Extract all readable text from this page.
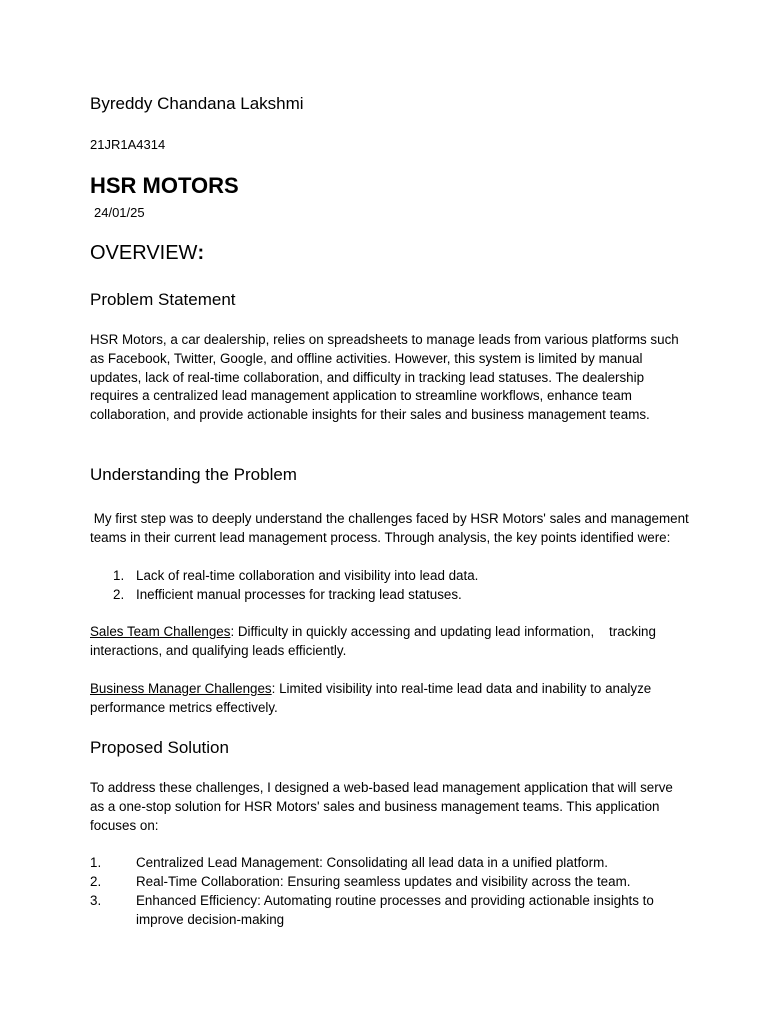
Byreddy Chandana Lakshmi
21JR1A4314
HSR MOTORS
24/01/25
OVERVIEW:
Problem Statement
HSR Motors, a car dealership, relies on spreadsheets to manage leads from various platforms such as Facebook, Twitter, Google, and offline activities. However, this system is limited by manual updates, lack of real-time collaboration, and difficulty in tracking lead statuses. The dealership requires a centralized lead management application to streamline workflows, enhance team collaboration, and provide actionable insights for their sales and business management teams.
Understanding the Problem
My first step was to deeply understand the challenges faced by HSR Motors' sales and management teams in their current lead management process. Through analysis, the key points identified were:
1. Lack of real-time collaboration and visibility into lead data.
2. Inefficient manual processes for tracking lead statuses.
Sales Team Challenges: Difficulty in quickly accessing and updating lead information,    tracking interactions, and qualifying leads efficiently.
Business Manager Challenges: Limited visibility into real-time lead data and inability to analyze performance metrics effectively.
Proposed Solution
To address these challenges, I designed a web-based lead management application that will serve as a one-stop solution for HSR Motors' sales and business management teams. This application focuses on:
1.	Centralized Lead Management: Consolidating all lead data in a unified platform.
2.	Real-Time Collaboration: Ensuring seamless updates and visibility across the team.
3.	Enhanced Efficiency: Automating routine processes and providing actionable insights to
improve decision-making
